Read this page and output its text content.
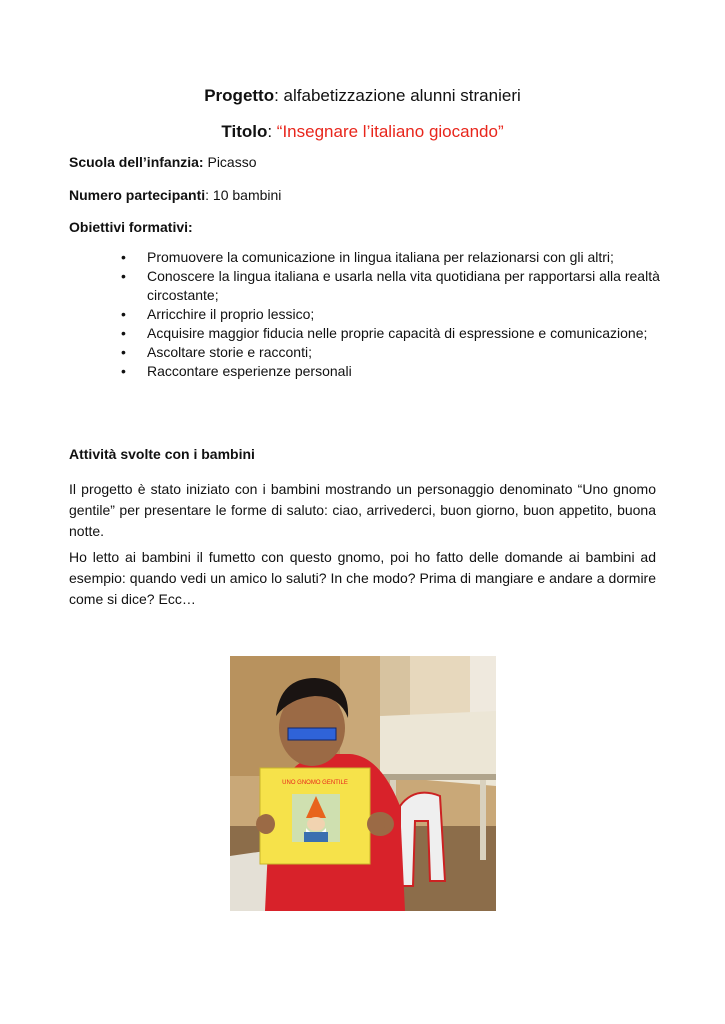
Progetto: alfabetizzazione alunni stranieri
Titolo: “Insegnare l’italiano giocando”
Scuola dell’infanzia: Picasso
Numero partecipanti: 10 bambini
Obiettivi formativi:
• Promuovere la comunicazione in lingua italiana per relazionarsi con gli altri;
• Conoscere la lingua italiana e usarla nella vita quotidiana per rapportarsi alla realtà circostante;
• Arricchire il proprio lessico;
• Acquisire maggior fiducia nelle proprie capacità di espressione e comunicazione;
• Ascoltare storie e racconti;
• Raccontare esperienze personali
Attività svolte con i bambini

Il progetto è stato iniziato con i bambini mostrando un personaggio denominato “Uno gnomo gentile” per presentare le forme di saluto: ciao, arrivederci, buon giorno, buon appetito, buona notte.

Ho letto ai bambini il fumetto con questo gnomo, poi ho fatto delle domande ai bambini ad esempio: quando vedi un amico lo saluti? In che modo? Prima di mangiare e andare a dormire come si dice? Ecc…

UNO GNOMO GENTILE
